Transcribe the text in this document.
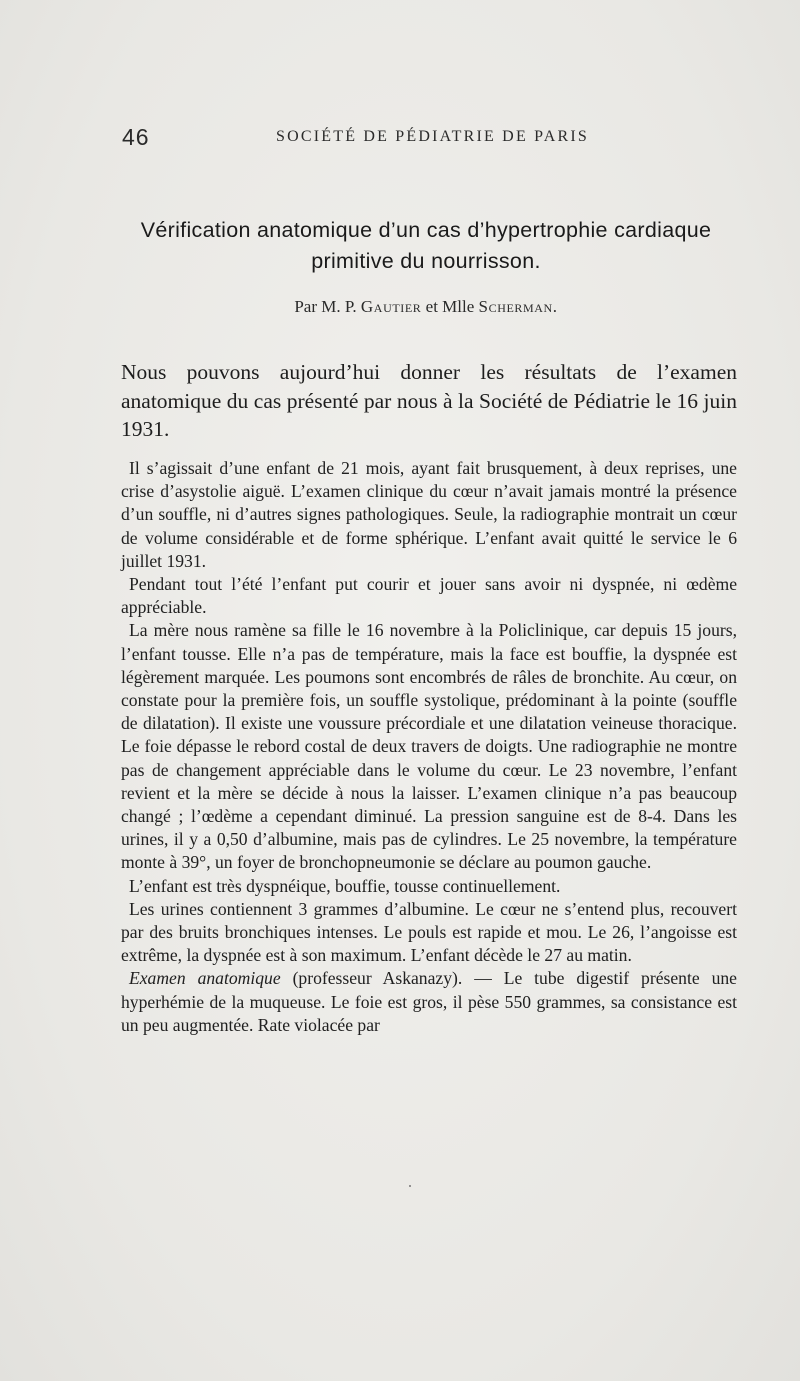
46	SOCIÉTÉ DE PÉDIATRIE DE PARIS
Vérification anatomique d’un cas d’hypertrophie cardiaque
primitive du nourrisson.
Par M. P. Gautier et Mlle Scherman.
Nous pouvons aujourd’hui donner les résultats de l’examen anatomique du cas présenté par nous à la Société de Pédiatrie le 16 juin 1931.

Il s’agissait d’une enfant de 21 mois, ayant fait brusquement, à deux reprises, une crise d’asystolie aiguë. L’examen clinique du cœur n’avait jamais montré la présence d’un souffle, ni d’autres signes pathologiques. Seule, la radiographie montrait un cœur de volume considérable et de forme sphérique. L’enfant avait quitté le service le 6 juillet 1931.

Pendant tout l’été l’enfant put courir et jouer sans avoir ni dyspnée, ni œdème appréciable.

La mère nous ramène sa fille le 16 novembre à la Policlinique, car depuis 15 jours, l’enfant tousse. Elle n’a pas de température, mais la face est bouffie, la dyspnée est légèrement marquée. Les poumons sont encombrés de râles de bronchite. Au cœur, on constate pour la première fois, un souffle systolique, prédominant à la pointe (souffle de dilatation). Il existe une voussure précordiale et une dilatation veineuse thoracique. Le foie dépasse le rebord costal de deux travers de doigts. Une radiographie ne montre pas de changement appréciable dans le volume du cœur. Le 23 novembre, l’enfant revient et la mère se décide à nous la laisser. L’examen clinique n’a pas beaucoup changé ; l’œdème a cependant diminué. La pression sanguine est de 8-4. Dans les urines, il y a 0,50 d’albumine, mais pas de cylindres. Le 25 novembre, la température monte à 39°, un foyer de bronchopneumonie se déclare au poumon gauche.

L’enfant est très dyspnéique, bouffie, tousse continuellement.

Les urines contiennent 3 grammes d’albumine. Le cœur ne s’entend plus, recouvert par des bruits bronchiques intenses. Le pouls est rapide et mou. Le 26, l’angoisse est extrême, la dyspnée est à son maximum. L’enfant décède le 27 au matin.

Examen anatomique (professeur Askanazy). — Le tube digestif présente une hyperhémie de la muqueuse. Le foie est gros, il pèse 550 grammes, sa consistance est un peu augmentée. Rate violacée par
